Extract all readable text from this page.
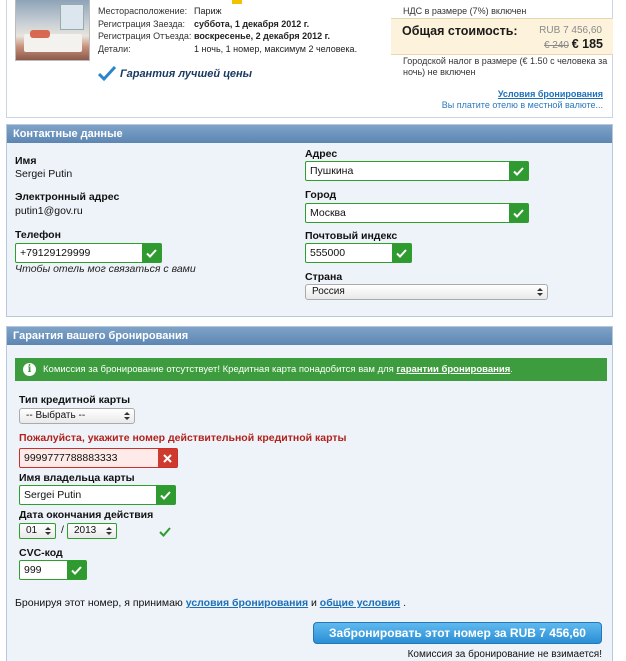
Месторасположение: Париж
Регистрация Заезда: суббота, 1 декабря 2012 г.
Регистрация Отъезда: воскресенье, 2 декабря 2012 г.
Детали:	1 ночь, 1 номер, максимум 2 человека.
Гарантия лучшей цены
НДС в размере (7%) включен
Общая стоимость: RUB 7 456,60
€ 240 € 185
Городской налог в размере (€ 1.50 с человека за ночь) не включен
Условия бронирования
Вы платите отелю в местной валюте...
Контактные данные
Имя
Sergei Putin
Электронный адрес
putin1@gov.ru
Телефон
+79129129999
Чтобы отель мог связаться с вами
Адрес
Пушкина
Город
Москва
Почтовый индекс
555000
Страна
Россия
Гарантия вашего бронирования
i	Комиссия за бронирование отсутствует! Кредитная карта понадобится вам для гарантии бронирования.
Тип кредитной карты
-- Выбрать --
Пожалуйста, укажите номер действительной кредитной карты
9999777788883333
Имя владельца карты
Sergei Putin
Дата окончания действия
01	/	2013
CVC-код
999
Бронируя этот номер, я принимаю условия бронирования и общие условия .
Забронировать этот номер за RUB 7 456,60
Комиссия за бронирование не взимается!
